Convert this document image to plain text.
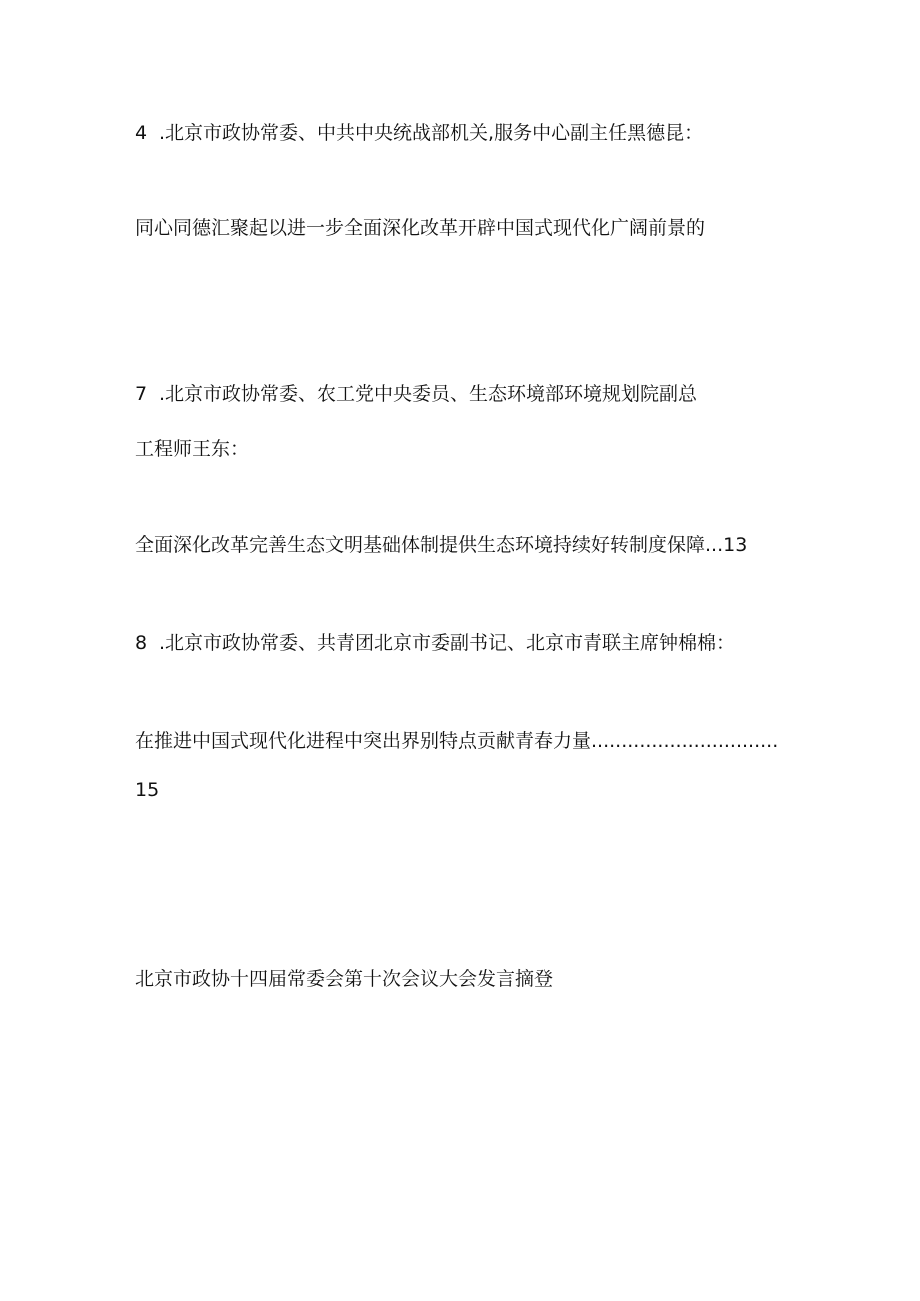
4 .北京市政协常委、中共中央统战部机关,服务中心副主任黑德昆：

同心同德汇聚起以进一步全面深化改革开辟中国式现代化广阔前景的

7 .北京市政协常委、农工党中央委员、生态环境部环境规划院副总

工程师王东：

全面深化改革完善生态文明基础体制提供生态环境持续好转制度保障...13

8 .北京市政协常委、共青团北京市委副书记、北京市青联主席钟棉棉：

在推进中国式现代化进程中突出界别特点贡献青春力量...............................

15

北京市政协十四届常委会第十次会议大会发言摘登
